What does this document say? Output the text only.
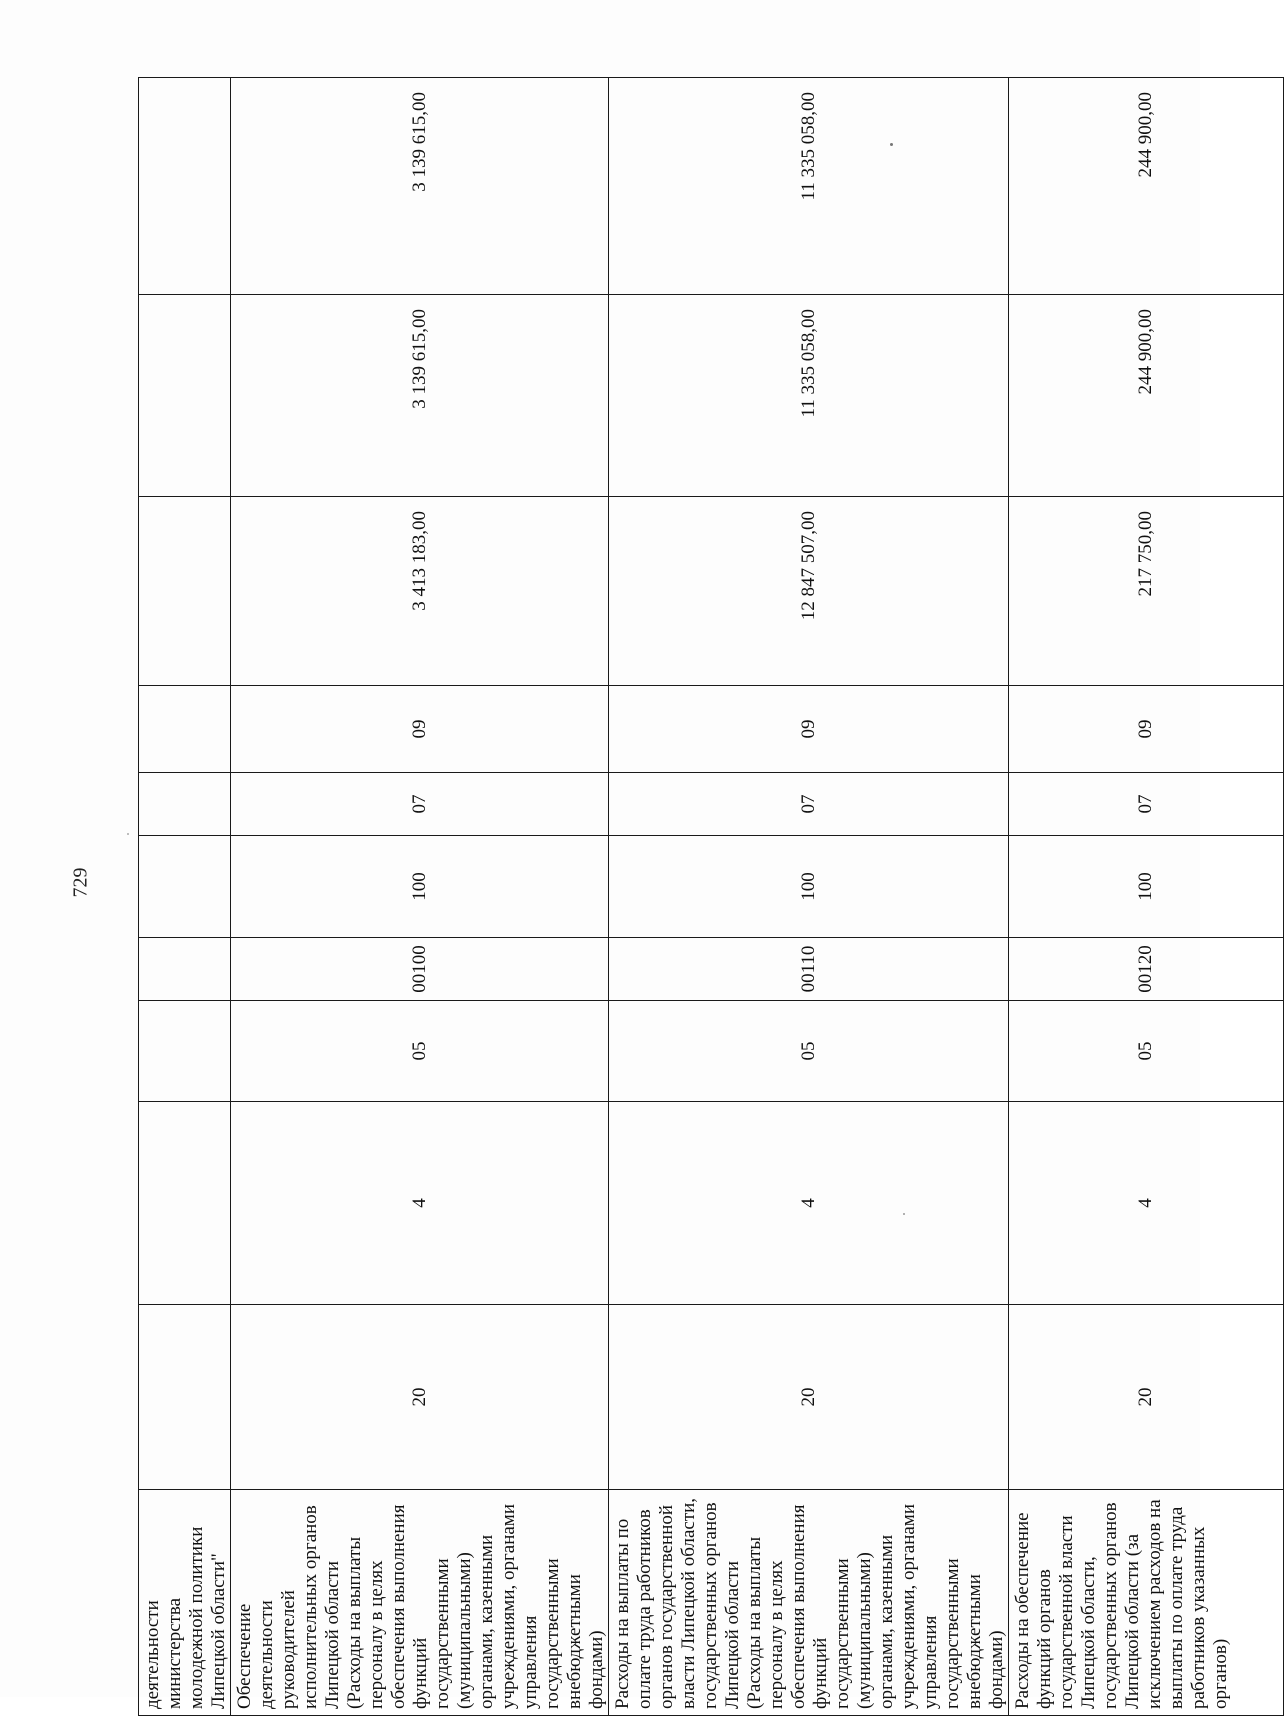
729
деятельности министерства молодежной политики Липецкой области"										
Обеспечение деятельности руководителей исполнительных органов Липецкой области (Расходы на выплаты персоналу в целях обеспечения выполнения функций государственными (муниципальными) органами, казенными учреждениями, органами управления государственными внебюджетными фондами)	20	4	05	00100	100	07	09	3 413 183,00	3 139 615,00	3 139 615,00
Расходы на выплаты по оплате труда работников органов государственной власти Липецкой области, государственных органов Липецкой области (Расходы на выплаты персоналу в целях обеспечения выполнения функций государственными (муниципальными) органами, казенными учреждениями, органами управления государственными внебюджетными фондами)	20	4	05	00110	100	07	09	12 847 507,00	11 335 058,00	11 335 058,00
Расходы на обеспечение функций органов государственной власти Липецкой области, государственных органов Липецкой области (за исключением расходов на выплаты по оплате труда работников указанных органов)	20	4	05	00120	100	07	09	217 750,00	244 900,00	244 900,00
